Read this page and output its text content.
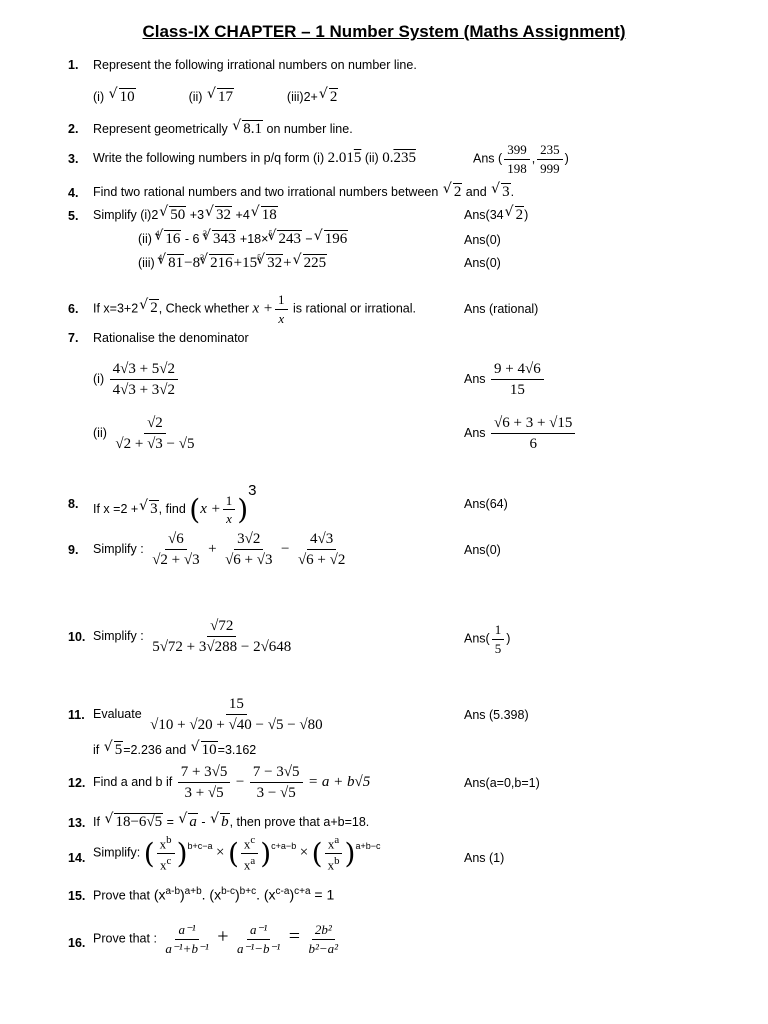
Class-IX CHAPTER – 1 Number System (Maths Assignment)
1. Represent the following irrational numbers on number line.
(i) √ 10	(ii) √ 17	(iii)2+ √ 2
2. Represent geometrically √ 8.1 on number line.
3. Write the following numbers in p/q form (i) 2.015 (ii) 0.235	Ans ( $\frac{399}{198}$ , $\frac{235}{999}$ )
4. Find two rational numbers and two irrational numbers between √ 2 and √ 3.
5. Simplify (i)2 √ 50 +3 √ 32 +4 √ 18	Ans(34 √ 2)
(ii) $^4$ √ 16 - 6 $^3$ √ 343 +18×$^5$ √ 243 − √ 196	Ans(0)
(iii) $^4$ √ $81-8^3$ √ $216+15^5$ √ 32+ √ 225	Ans(0)
6. If x=3+2 √ 2, Check whether $x + \frac{1}{x}$ is rational or irrational.	Ans (rational)
7. Rationalise the denominator
$(i) \frac{4√3 + 5√2}{4√3 + 3√2}$	Ans $\frac{9 + 4√6}{15}$
$(ii) \frac{√2}{√2 + √3 - √5}$	Ans $\frac{√6 + 3 + √15}{6}$
8. If x =2 + √ 3, find $(x + \frac{1}{x} )3$
Ans(64)
9. Simplify : $\frac{√6}{√2 + √3} + \frac{3√2}{√6 + √3} - \frac{4√3}{√6 + √2}$	Ans(0)
10. Simplify : $\frac{√72}{5√72 + 3√288 - 2√648}$	$Ans( \frac{1}{5}$ )
11. Evaluate $\frac{15}{√10 + √20 + √40 - √5 - √80}$	Ans (5.398)
if √ 5=2.236 and √ 10=3.162
12. Find a and b if $\frac{7 + 3√5}{3 + √5} - \frac{7 - 3√5}{3 - √5} = a + b√5$	Ans(a=0,b=1)
13. If √ 18−6√5 = √ a - √ b, then prove that a+b=18.
14. Simplify: ( $\frac{x^b}{x^c} )^{b+c-a}$ × ( $\frac{x^c}{x^a} )^{c+a-b}$ × ( $\frac{x^a}{x^b} )^{a+b-c}$
Ans (1)
15. Prove that $(x^{a-b})^{a+b}$. $(x^{b-c})^{b+c}$. $(x^{c-a})^{c+a} = 1$
16. Prove that : $\frac{\text{a⁻¹}}{\text{a⁻¹+b⁻¹}} + \frac{\text{a⁻¹}}{\text{a⁻¹−b⁻¹}} = \frac{\text{2b²}}{\text{b²−a²}}$
